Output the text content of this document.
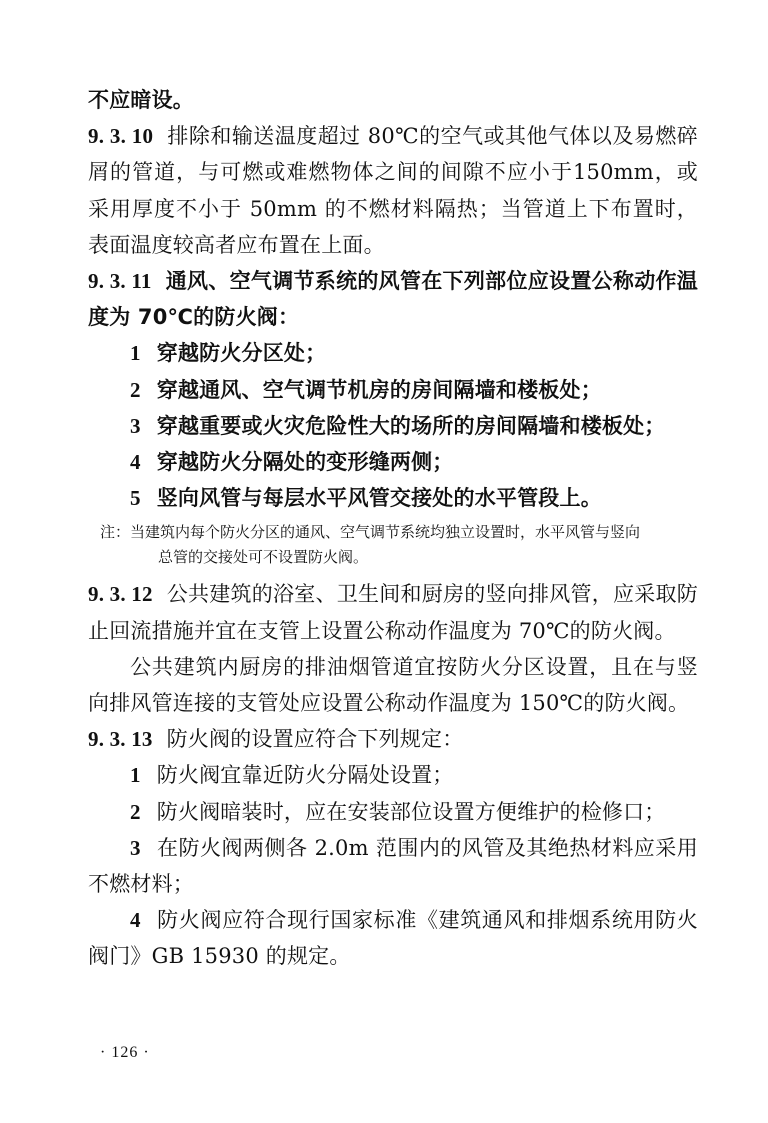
不应暗设。

9. 3. 10 排除和输送温度超过 80℃的空气或其他气体以及易燃碎屑的管道，与可燃或难燃物体之间的间隙不应小于150mm，或采用厚度不小于 50mm 的不燃材料隔热；当管道上下布置时，表面温度较高者应布置在上面。

9. 3. 11 通风、空气调节系统的风管在下列部位应设置公称动作温度为 70℃的防火阀：

1 穿越防火分区处；

2 穿越通风、空气调节机房的房间隔墙和楼板处；

3 穿越重要或火灾危险性大的场所的房间隔墙和楼板处；

4 穿越防火分隔处的变形缝两侧；

5 竖向风管与每层水平风管交接处的水平管段上。

注：当建筑内每个防火分区的通风、空气调节系统均独立设置时，水平风管与竖向
总管的交接处可不设置防火阀。

9. 3. 12 公共建筑的浴室、卫生间和厨房的竖向排风管，应采取防止回流措施并宜在支管上设置公称动作温度为 70℃的防火阀。

公共建筑内厨房的排油烟管道宜按防火分区设置，且在与竖向排风管连接的支管处应设置公称动作温度为 150℃的防火阀。

9. 3. 13 防火阀的设置应符合下列规定：

1 防火阀宜靠近防火分隔处设置；

2 防火阀暗装时，应在安装部位设置方便维护的检修口；

3 在防火阀两侧各 2.0m 范围内的风管及其绝热材料应采用不燃材料；

4 防火阀应符合现行国家标准《建筑通风和排烟系统用防火阀门》GB 15930 的规定。

· 126 ·
